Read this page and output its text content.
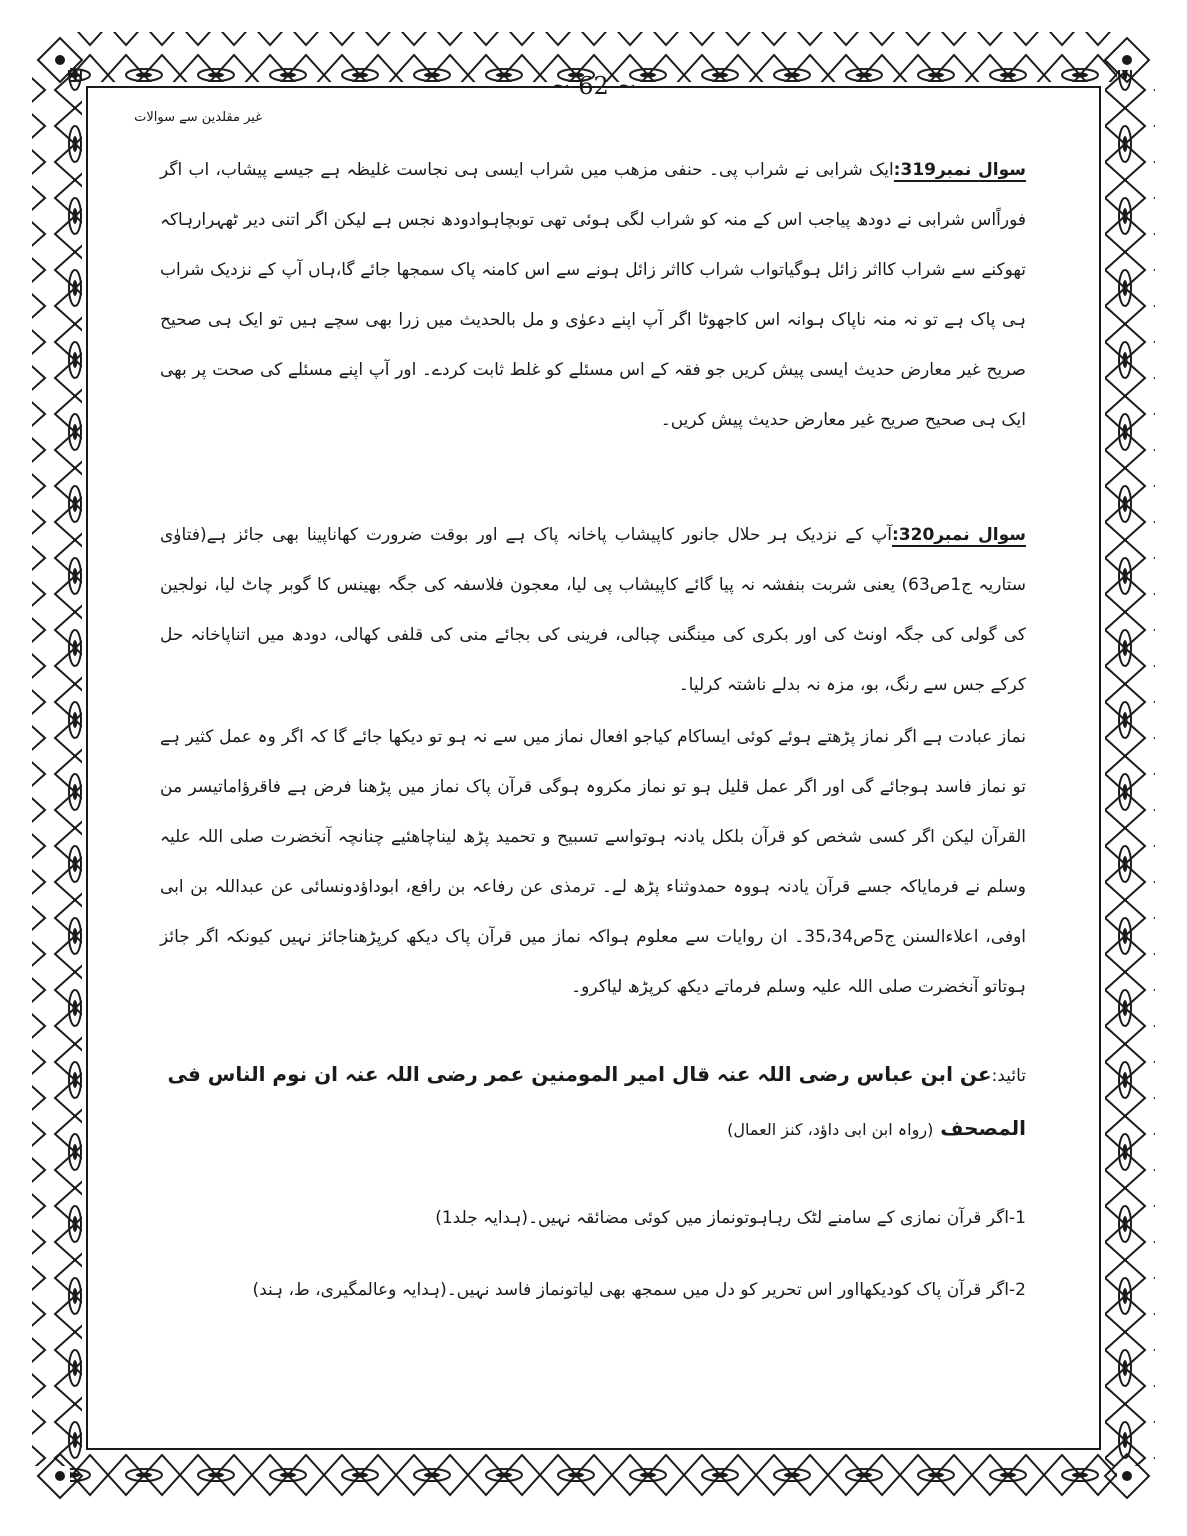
~ 62 ~
غیر مقلدین سے سوالات

سوال نمبر319:ایک شرابی نے شراب پی۔ حنفی مزھب میں شراب ایسی ہی نجاست غلیظہ ہے جیسے پیشاب، اب اگر فوراًاس شرابی نے دودھ پیاجب اس کے منہ کو شراب لگی ہوئی تھی توبچاہوادودھ نجس ہے لیکن اگر اتنی دیر ٹھہرارہاکہ تھوکنے سے شراب کااثر زائل ہوگیاتواب شراب کااثر زائل ہونے سے اس کامنہ پاک سمجھا جائے گا،ہاں آپ کے نزدیک شراب ہی پاک ہے تو نہ منہ ناپاک ہوانہ اس کاجھوٹا اگر آپ اپنے دعوٰی و مل بالحدیث میں زرا بھی سچے ہیں تو ایک ہی صحیح صریح غیر معارض حدیث ایسی پیش کریں جو فقہ کے اس مسئلے کو غلط ثابت کردے۔ اور آپ اپنے مسئلے کی صحت پر بھی ایک ہی صحیح صریح غیر معارض حدیث پیش کریں۔

سوال نمبر320:آپ کے نزدیک ہر حلال جانور کاپیشاب پاخانہ پاک ہے اور بوقت ضرورت کھاناپینا بھی جائز ہے(فتاوٰی ستاریہ ج1ص63) یعنی شربت بنفشہ نہ پیا گائے کاپیشاب پی لیا، معجون فلاسفہ کی جگہ بھینس کا گوبر چاٹ لیا، نولجین کی گولی کی جگہ اونٹ کی اور بکری کی مینگنی چبالی، فرینی کی بجائے منی کی قلفی کھالی، دودھ میں اتناپاخانہ حل کرکے جس سے رنگ، بو، مزہ نہ بدلے ناشتہ کرلیا۔

نماز عبادت ہے اگر نماز پڑھتے ہوئے کوئی ایساکام کیاجو افعال نماز میں سے نہ ہو تو دیکھا جائے گا کہ اگر وہ عمل کثیر ہے تو نماز فاسد ہوجائے گی اور اگر عمل قلیل ہو تو نماز مکروہ ہوگی قرآن پاک نماز میں پڑھنا فرض ہے فاقرؤاماتیسر من القرآن لیکن اگر کسی شخص کو قرآن بلکل یادنہ ہوتواسے تسبیح و تحمید پڑھ لیناچاھئیے چنانچہ آنخضرت صلی اللہ علیہ وسلم نے فرمایاکہ جسے قرآن یادنہ ہووہ حمدوثناء پڑھ لے۔ ترمذی عن رفاعہ بن رافع، ابوداؤدونسائی عن عبداللہ بن ابی اوفی، اعلاءالسنن ج5ص35،34۔ ان روایات سے معلوم ہواکہ نماز میں قرآن پاک دیکھ کرپڑھناجائز نہیں کیونکہ اگر جائز ہوتاتو آنخضرت صلی اللہ علیہ وسلم فرماتے دیکھ کرپڑھ لیاکرو۔

تائید:عن ابن عباس رضی اللہ عنہ قال امیر المومنین عمر رضی اللہ عنہ ان نوم الناس فی

المصحف (رواہ ابن ابی داؤد، کنز العمال)

1-اگر قرآن نمازی کے سامنے لٹک رہاہوتونماز میں کوئی مضائقہ نہیں۔(ہدایہ جلد1)

2-اگر قرآن پاک کودیکھااور اس تحریر کو دل میں سمجھ بھی لیاتونماز فاسد نہیں۔(ہدایہ وعالمگیری، ط، ہند)
